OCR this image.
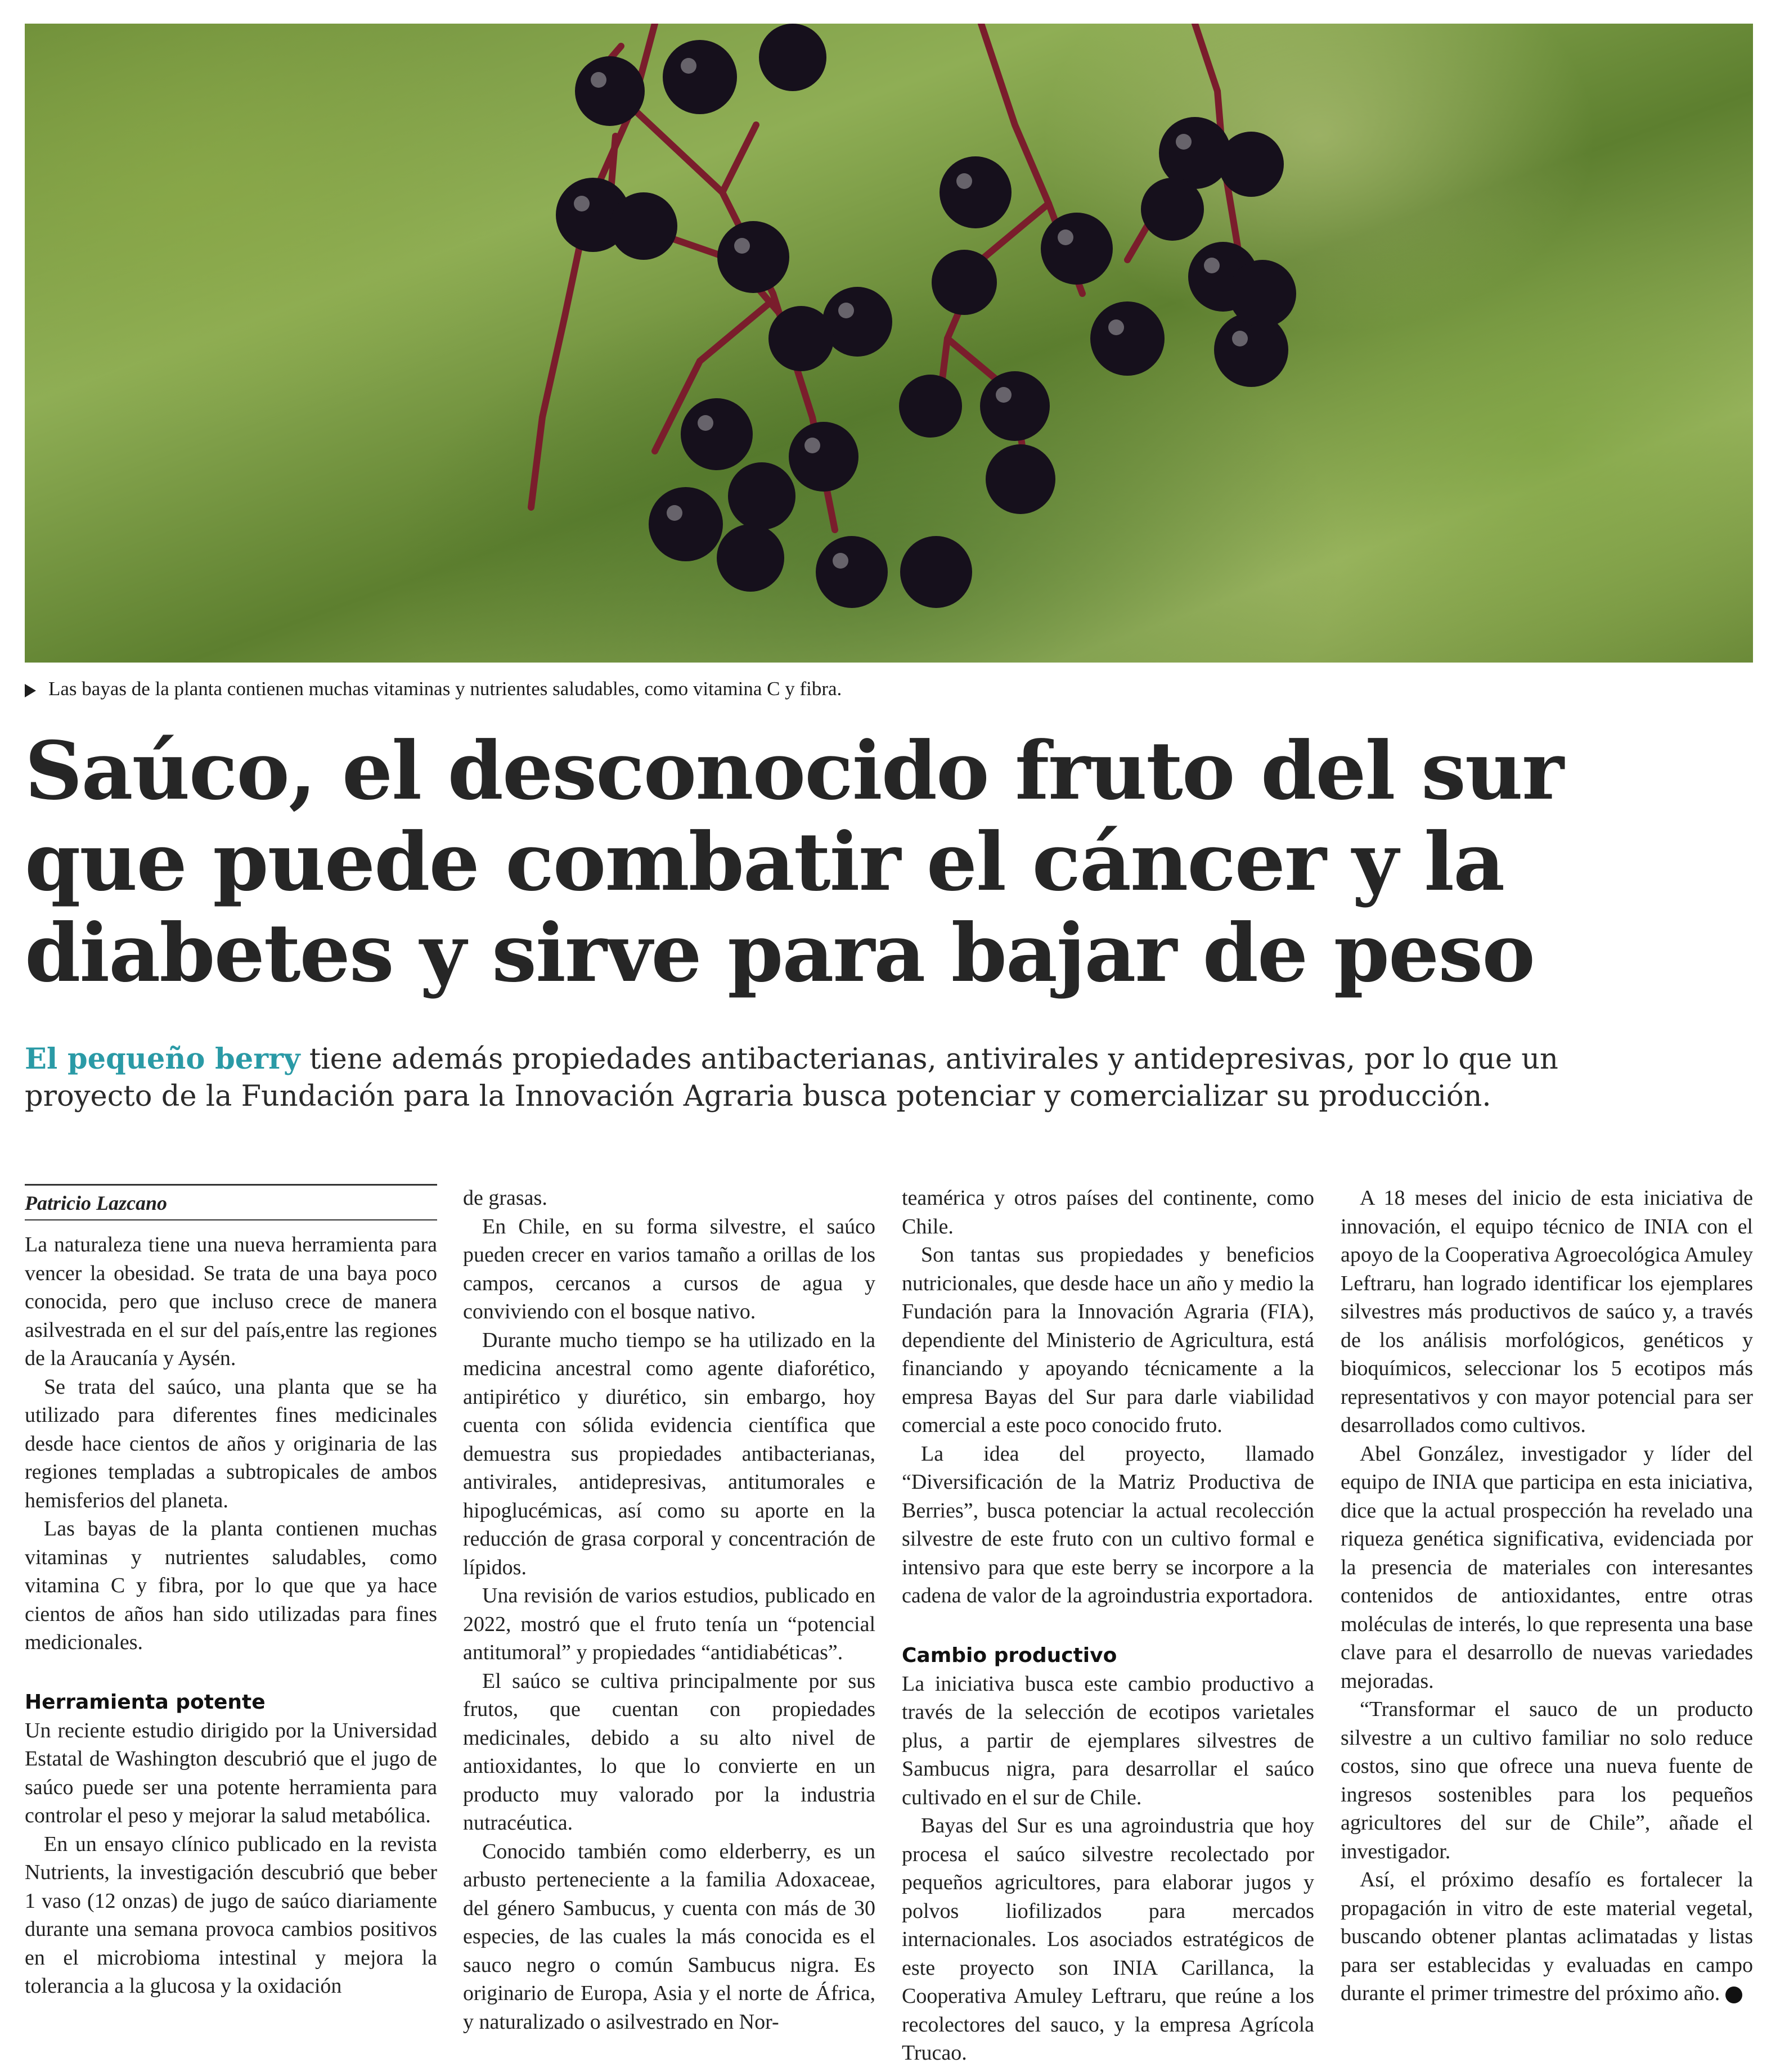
Las bayas de la planta contienen muchas vitaminas y nutrientes saludables, como vitamina C y fibra.
Saúco, el desconocido fruto del sur
que puede combatir el cáncer y la
diabetes y sirve para bajar de peso
El pequeño berry tiene además propiedades antibacterianas, antivirales y antidepresivas, por lo que un
proyecto de la Fundación para la Innovación Agraria busca potenciar y comercializar su producción.
Patricio Lazcano

La naturaleza tiene una nueva herramienta para vencer la obesidad. Se trata de una baya poco conocida, pero que incluso crece de manera asilvestrada en el sur del país,entre las regiones de la Araucanía y Aysén.

Se trata del saúco, una planta que se ha utilizado para diferentes fines medicinales desde hace cientos de años y originaria de las regiones templadas a subtropicales de ambos hemisferios del planeta.

Las bayas de la planta contienen muchas vitaminas y nutrientes saludables, como vitamina C y fibra, por lo que que ya hace cientos de años han sido utilizadas para fines medicionales.

Herramienta potente

Un reciente estudio dirigido por la Universidad Estatal de Washington descubrió que el jugo de saúco puede ser una potente herramienta para controlar el peso y mejorar la salud metabólica.

En un ensayo clínico publicado en la revista Nutrients, la investigación descubrió que beber 1 vaso (12 onzas) de jugo de saúco diariamente durante una semana provoca cambios positivos en el microbioma intestinal y mejora la tolerancia a la glucosa y la oxidación

de grasas.

En Chile, en su forma silvestre, el saúco pueden crecer en varios tamaño a orillas de los campos, cercanos a cursos de agua y conviviendo con el bosque nativo.

Durante mucho tiempo se ha utilizado en la medicina ancestral como agente diaforético, antipirético y diurético, sin embargo, hoy cuenta con sólida evidencia científica que demuestra sus propiedades antibacterianas, antivirales, antidepresivas, antitumorales e hipoglucémicas, así como su aporte en la reducción de grasa corporal y concentración de lípidos.

Una revisión de varios estudios, publicado en 2022, mostró que el fruto tenía un “potencial antitumoral” y propiedades “antidiabéticas”.

El saúco se cultiva principalmente por sus frutos, que cuentan con propiedades medicinales, debido a su alto nivel de antioxidantes, lo que lo convierte en un producto muy valorado por la industria nutracéutica.

Conocido también como elderberry, es un arbusto perteneciente a la familia Adoxaceae, del género Sambucus, y cuenta con más de 30 especies, de las cuales la más conocida es el sauco negro o común Sambucus nigra. Es originario de Europa, Asia y el norte de África, y naturalizado o asilvestrado en Nor-

teamérica y otros países del continente, como Chile.

Son tantas sus propiedades y beneficios nutricionales, que desde hace un año y medio la Fundación para la Innovación Agraria (FIA), dependiente del Ministerio de Agricultura, está financiando y apoyando técnicamente a la empresa Bayas del Sur para darle viabilidad comercial a este poco conocido fruto.

La idea del proyecto, llamado “Diversificación de la Matriz Productiva de Berries”, busca potenciar la actual recolección silvestre de este fruto con un cultivo formal e intensivo para que este berry se incorpore a la cadena de valor de la agroindustria exportadora.

Cambio productivo

La iniciativa busca este cambio productivo a través de la selección de ecotipos varietales plus, a partir de ejemplares silvestres de Sambucus nigra, para desarrollar el saúco cultivado en el sur de Chile.

Bayas del Sur es una agroindustria que hoy procesa el saúco silvestre recolectado por pequeños agricultores, para elaborar jugos y polvos liofilizados para mercados internacionales. Los asociados estratégicos de este proyecto son INIA Carillanca, la Cooperativa Amuley Leftraru, que reúne a los recolectores del sauco, y la empresa Agrícola Trucao.

A 18 meses del inicio de esta iniciativa de innovación, el equipo técnico de INIA con el apoyo de la Cooperativa Agroecológica Amuley Leftraru, han logrado identificar los ejemplares silvestres más productivos de saúco y, a través de los análisis morfológicos, genéticos y bioquímicos, seleccionar los 5 ecotipos más representativos y con mayor potencial para ser desarrollados como cultivos.

Abel González, investigador y líder del equipo de INIA que participa en esta iniciativa, dice que la actual prospección ha revelado una riqueza genética significativa, evidenciada por la presencia de materiales con interesantes contenidos de antioxidantes, entre otras moléculas de interés, lo que representa una base clave para el desarrollo de nuevas variedades mejoradas.

“Transformar el sauco de un producto silvestre a un cultivo familiar no solo reduce costos, sino que ofrece una nueva fuente de ingresos sostenibles para los pequeños agricultores del sur de Chile”, añade el investigador.

Así, el próximo desafío es fortalecer la propagación in vitro de este material vegetal, buscando obtener plantas aclimatadas y listas para ser establecidas y evaluadas en campo durante el primer trimestre del próximo año.
